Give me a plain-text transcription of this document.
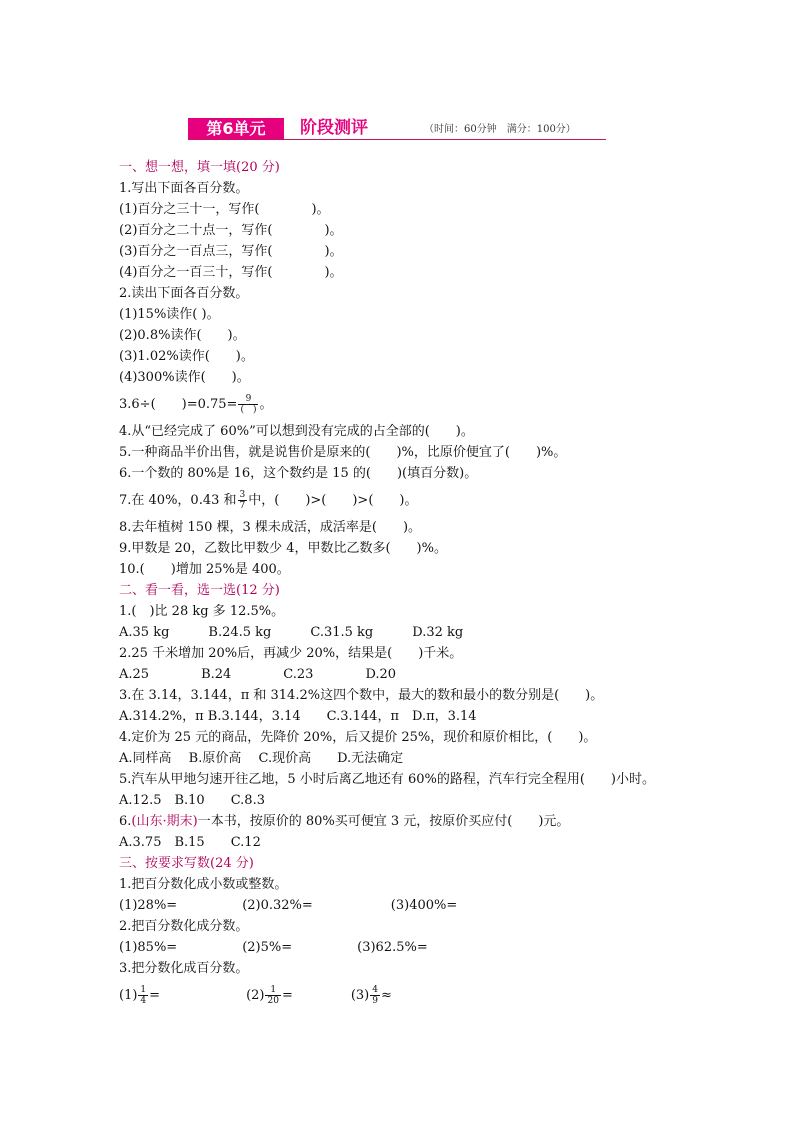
第6单元	阶段测评	（时间：60分钟　满分：100分）
一、想一想，填一填(20 分)
1.写出下面各百分数。
(1)百分之三十一，写作(　　　　)。
(2)百分之二十点一，写作(　　　　)。
(3)百分之一百点三，写作(　　　　)。
(4)百分之一百三十，写作(　　　　)。
2.读出下面各百分数。
(1)15%读作( )。
(2)0.8%读作(　　)。
(3)1.02%读作(　　)。
(4)300%读作(　　)。
3.6÷(　　)$=0.75= \frac{9}{( )}$ 。
4.从“已经完成了 60%”可以想到没有完成的占全部的(　　)。
5.一种商品半价出售，就是说售价是原来的(　　)%，比原价便宜了(　　)%。
6.一个数的 80%是 16，这个数约是 15 的(　　)(填百分数)。
7.在 40%，0.43 和 $\frac{3}{7}$ 中，(　　)>(　　)>(　　)。
8.去年植树 150 棵，3 棵未成活，成活率是(　　)。
9.甲数是 20，乙数比甲数少 4，甲数比乙数多(　　)%。
10.(　　)增加 25%是 400。
二、看一看，选一选(12 分)
1.(　)比 28 kg 多 12.5%。
A.35 kg　　　B.24.5 kg　　　C.31.5 kg　　　D.32 kg
2.25 千米增加 20%后，再减少 20%，结果是(　　)千米。
A.25　　　　B.24　　　　C.23　　　　D.20
3.在 3.14，3.144，π 和 314.2%这四个数中，最大的数和最小的数分别是(　　)。
A.314.2%，π B.3.144，3.14　　C.3.144，π　D.π，3.14
4.定价为 25 元的商品，先降价 20%，后又提价 25%，现价和原价相比，(　　)。
A.同样高　 B.原价高　 C.现价高　　D.无法确定
5.汽车从甲地匀速开往乙地，5 小时后离乙地还有 60%的路程，汽车行完全程用(　　)小时。
A.12.5　B.10　　C.8.3
6.(山东·期末)一本书，按原价的 80%买可便宜 3 元，按原价买应付(　　)元。
A.3.75　B.15　　C.12
三、按要求写数(24 分)
1.把百分数化成小数或整数。
(1)28%=　　　　　(2)0.32%=　　　　　　(3)400%=
2.把百分数化成分数。
(1)85%=　　　　　(2)5%=　　　　　(3)62.5%=
3.把分数化成百分数。
$(1) \frac{1}{4}$ =	$(2) \frac{1}{20}$ =	$(3) \frac{4}{9}$ ≈
